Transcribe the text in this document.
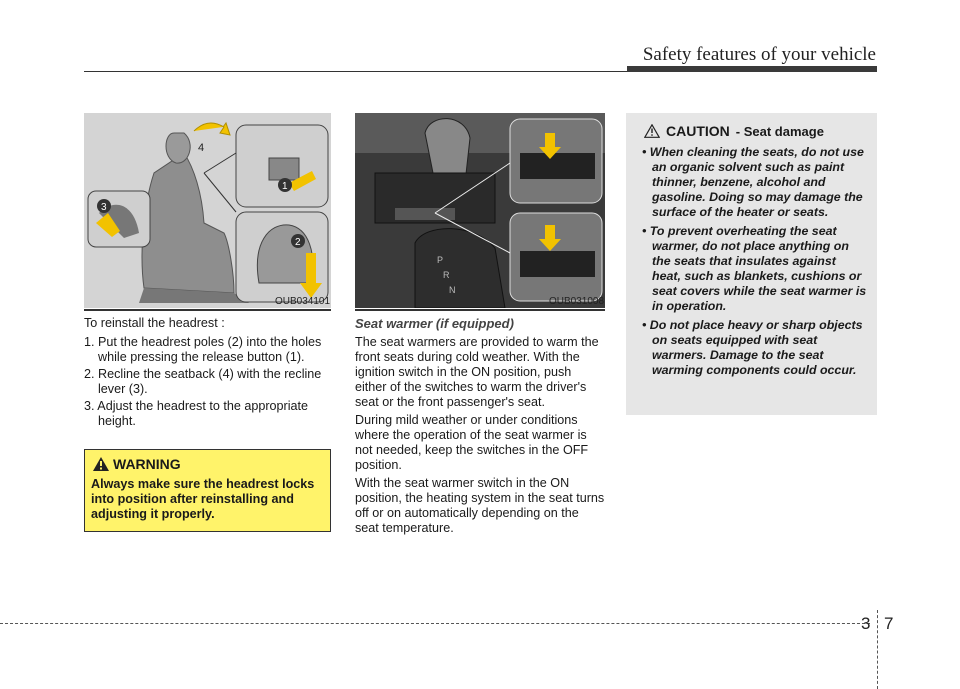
Safety features of your vehicle
1
2
3
4
OUB034101

To reinstall the headrest :

1. Put the headrest poles (2) into the holes while pressing the release button (1).
2. Recline the seatback (4) with the recline lever (3).
3. Adjust the headrest to the appropriate height.
WARNING
Always make sure the headrest locks into position after reinstalling and adjusting it properly.
P
R
N
OUB031008
Seat warmer (if equipped)

The seat warmers are provided to warm the front seats during cold weather. With the ignition switch in the ON position, push either of the switches to warm the driver's seat or the front passenger's seat.

During mild weather or under conditions where the operation of the seat warmer is not needed, keep the switches in the OFF position.

With the seat warmer switch in the ON position, the heating system in the seat turns off or on automatically depending on the seat temperature.

CAUTION - Seat damage
• When cleaning the seats, do not use an organic solvent such as paint thinner, benzene, alcohol and gasoline. Doing so may damage the surface of the heater or seats.
• To prevent overheating the seat warmer, do not place anything on the seats that insulates against heat, such as blankets, cushions or seat covers while the seat warmer is in operation.
• Do not place heavy or sharp objects on seats equipped with seat warmers. Damage to the seat warming components could occur.
3 7
